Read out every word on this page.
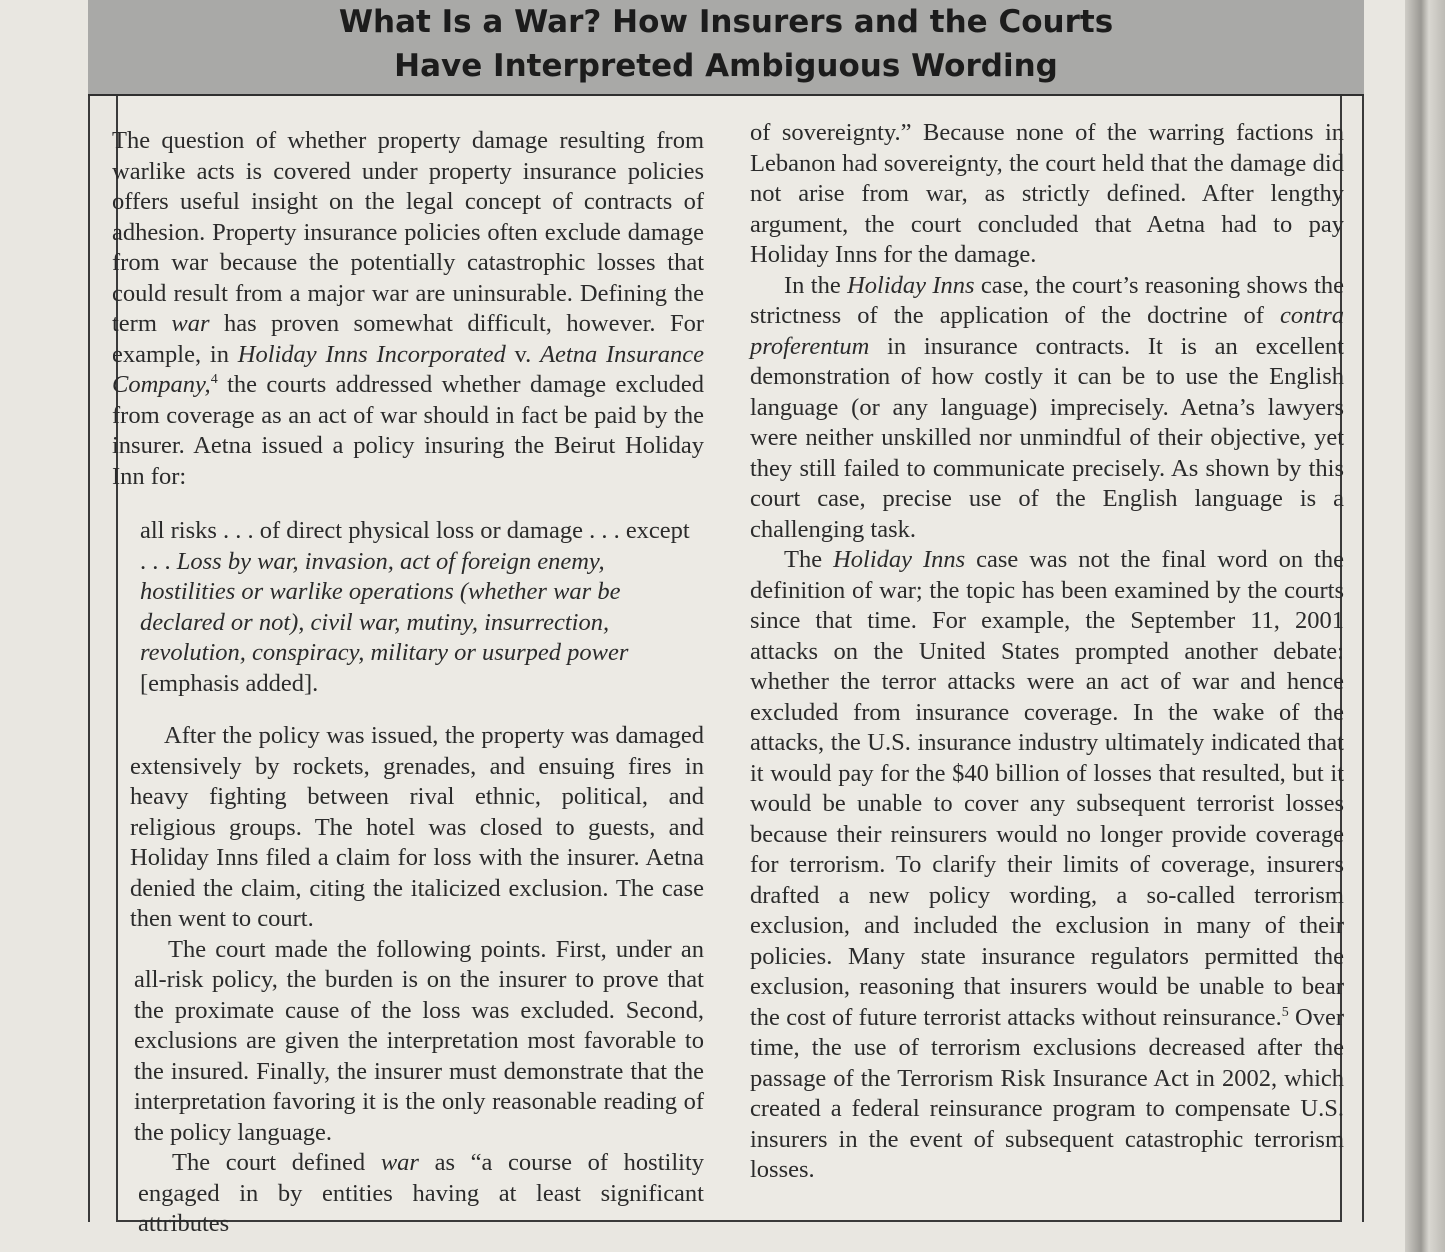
What Is a War? How Insurers and the Courts
Have Interpreted Ambiguous Wording

The question of whether property damage resulting from warlike acts is covered under property insurance policies offers useful insight on the legal concept of contracts of adhesion. Property insurance policies often exclude damage from war because the potentially catastrophic losses that could result from a major war are uninsurable. Defining the term war has proven somewhat difficult, however. For example, in Holiday Inns Incorporated v. Aetna Insurance Company,$^4$ the courts addressed whether damage excluded from coverage as an act of war should in fact be paid by the insurer. Aetna issued a policy insuring the Beirut Holiday Inn for:

all risks . . . of direct physical loss or damage . . . except . . . Loss by war, invasion, act of foreign enemy, hostilities or warlike operations (whether war be declared or not), civil war, mutiny, insurrection, revolution, conspiracy, military or usurped power [emphasis added].

After the policy was issued, the property was damaged extensively by rockets, grenades, and ensuing fires in heavy fighting between rival ethnic, political, and religious groups. The hotel was closed to guests, and Holiday Inns filed a claim for loss with the insurer. Aetna denied the claim, citing the italicized exclusion. The case then went to court.

The court made the following points. First, under an all-risk policy, the burden is on the insurer to prove that the proximate cause of the loss was excluded. Second, exclusions are given the interpretation most favorable to the insured. Finally, the insurer must demonstrate that the interpretation favoring it is the only reasonable reading of the policy language.

The court defined war as “a course of hostility engaged in by entities having at least significant attributes

of sovereignty.” Because none of the warring factions in Lebanon had sovereignty, the court held that the damage did not arise from war, as strictly defined. After lengthy argument, the court concluded that Aetna had to pay Holiday Inns for the damage.

In the Holiday Inns case, the court’s reasoning shows the strictness of the application of the doctrine of contra proferentum in insurance contracts. It is an excellent demonstration of how costly it can be to use the English language (or any language) imprecisely. Aetna’s lawyers were neither unskilled nor unmindful of their objective, yet they still failed to communicate precisely. As shown by this court case, precise use of the English language is a challenging task.

The Holiday Inns case was not the final word on the definition of war; the topic has been examined by the courts since that time. For example, the September 11, 2001 attacks on the United States prompted another debate: whether the terror attacks were an act of war and hence excluded from insurance coverage. In the wake of the attacks, the U.S. insurance industry ultimately indicated that it would pay for the $40 billion of losses that resulted, but it would be unable to cover any subsequent terrorist losses because their reinsurers would no longer provide coverage for terrorism. To clarify their limits of coverage, insurers drafted a new policy wording, a so-called terrorism exclusion, and included the exclusion in many of their policies. Many state insurance regulators permitted the exclusion, reasoning that insurers would be unable to bear the cost of future terrorist attacks without reinsurance.$^5$ Over time, the use of terrorism exclusions decreased after the passage of the Terrorism Risk Insurance Act in 2002, which created a federal reinsurance program to compensate U.S. insurers in the event of subsequent catastrophic terrorism losses.
